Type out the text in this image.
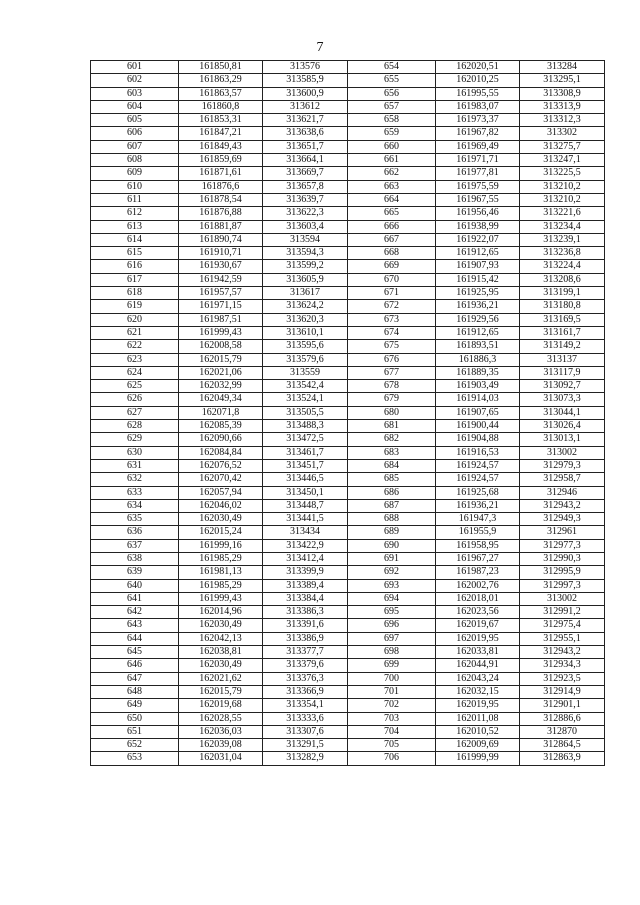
7
601	161850,81	313576	654	162020,51	313284
602	161863,29	313585,9	655	162010,25	313295,1
603	161863,57	313600,9	656	161995,55	313308,9
604	161860,8	313612	657	161983,07	313313,9
605	161853,31	313621,7	658	161973,37	313312,3
606	161847,21	313638,6	659	161967,82	313302
607	161849,43	313651,7	660	161969,49	313275,7
608	161859,69	313664,1	661	161971,71	313247,1
609	161871,61	313669,7	662	161977,81	313225,5
610	161876,6	313657,8	663	161975,59	313210,2
611	161878,54	313639,7	664	161967,55	313210,2
612	161876,88	313622,3	665	161956,46	313221,6
613	161881,87	313603,4	666	161938,99	313234,4
614	161890,74	313594	667	161922,07	313239,1
615	161910,71	313594,3	668	161912,65	313236,8
616	161930,67	313599,2	669	161907,93	313224,4
617	161942,59	313605,9	670	161915,42	313208,6
618	161957,57	313617	671	161925,95	313199,1
619	161971,15	313624,2	672	161936,21	313180,8
620	161987,51	313620,3	673	161929,56	313169,5
621	161999,43	313610,1	674	161912,65	313161,7
622	162008,58	313595,6	675	161893,51	313149,2
623	162015,79	313579,6	676	161886,3	313137
624	162021,06	313559	677	161889,35	313117,9
625	162032,99	313542,4	678	161903,49	313092,7
626	162049,34	313524,1	679	161914,03	313073,3
627	162071,8	313505,5	680	161907,65	313044,1
628	162085,39	313488,3	681	161900,44	313026,4
629	162090,66	313472,5	682	161904,88	313013,1
630	162084,84	313461,7	683	161916,53	313002
631	162076,52	313451,7	684	161924,57	312979,3
632	162070,42	313446,5	685	161924,57	312958,7
633	162057,94	313450,1	686	161925,68	312946
634	162046,02	313448,7	687	161936,21	312943,2
635	162030,49	313441,5	688	161947,3	312949,3
636	162015,24	313434	689	161955,9	312961
637	161999,16	313422,9	690	161958,95	312977,3
638	161985,29	313412,4	691	161967,27	312990,3
639	161981,13	313399,9	692	161987,23	312995,9
640	161985,29	313389,4	693	162002,76	312997,3
641	161999,43	313384,4	694	162018,01	313002
642	162014,96	313386,3	695	162023,56	312991,2
643	162030,49	313391,6	696	162019,67	312975,4
644	162042,13	313386,9	697	162019,95	312955,1
645	162038,81	313377,7	698	162033,81	312943,2
646	162030,49	313379,6	699	162044,91	312934,3
647	162021,62	313376,3	700	162043,24	312923,5
648	162015,79	313366,9	701	162032,15	312914,9
649	162019,68	313354,1	702	162019,95	312901,1
650	162028,55	313333,6	703	162011,08	312886,6
651	162036,03	313307,6	704	162010,52	312870
652	162039,08	313291,5	705	162009,69	312864,5
653	162031,04	313282,9	706	161999,99	312863,9
